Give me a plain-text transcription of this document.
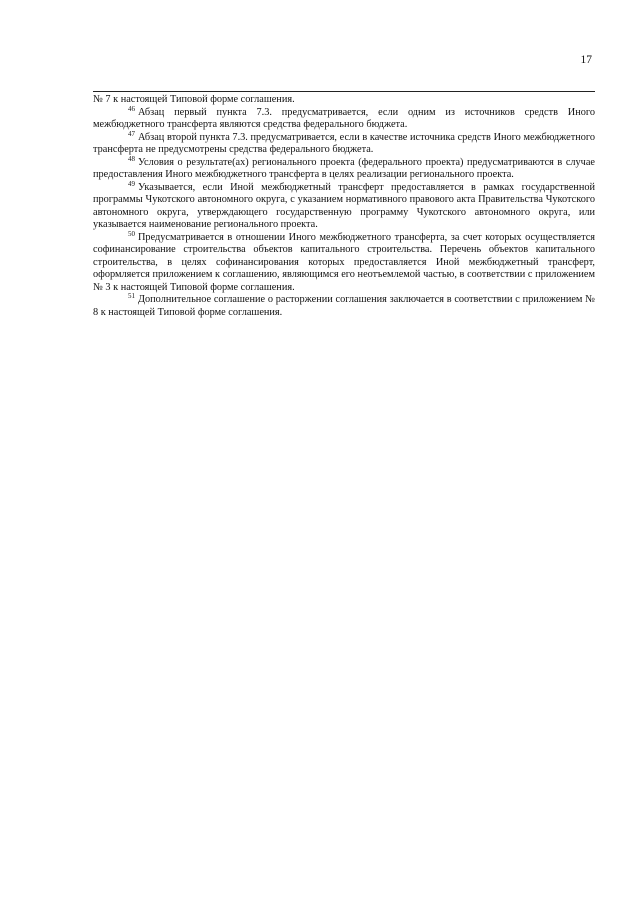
17

№ 7 к настоящей Типовой форме соглашения.

$^{46}$ Абзац первый пункта 7.3. предусматривается, если одним из источников средств Иного межбюджетного трансферта являются средства федерального бюджета.

$^{47}$ Абзац второй пункта 7.3. предусматривается, если в качестве источника средств Иного межбюджетного трансферта не предусмотрены средства федерального бюджета.

$^{48}$ Условия о результате(ах) регионального проекта (федерального проекта) предусматриваются в случае предоставления Иного межбюджетного трансферта в целях реализации регионального проекта.

$^{49}$ Указывается, если Иной межбюджетный трансферт предоставляется в рамках государственной программы Чукотского автономного округа, с указанием нормативного правового акта Правительства Чукотского автономного округа, утверждающего государственную программу Чукотского автономного округа, или указывается наименование регионального проекта.

$^{50}$ Предусматривается в отношении Иного межбюджетного трансферта, за счет которых осуществляется софинансирование строительства объектов капитального строительства. Перечень объектов капитального строительства, в целях софинансирования которых предоставляется Иной межбюджетный трансферт, оформляется приложением к соглашению, являющимся его неотъемлемой частью, в соответствии с приложением № 3 к настоящей Типовой форме соглашения.

$^{51}$ Дополнительное соглашение о расторжении соглашения заключается в соответствии с приложением № 8 к настоящей Типовой форме соглашения.
